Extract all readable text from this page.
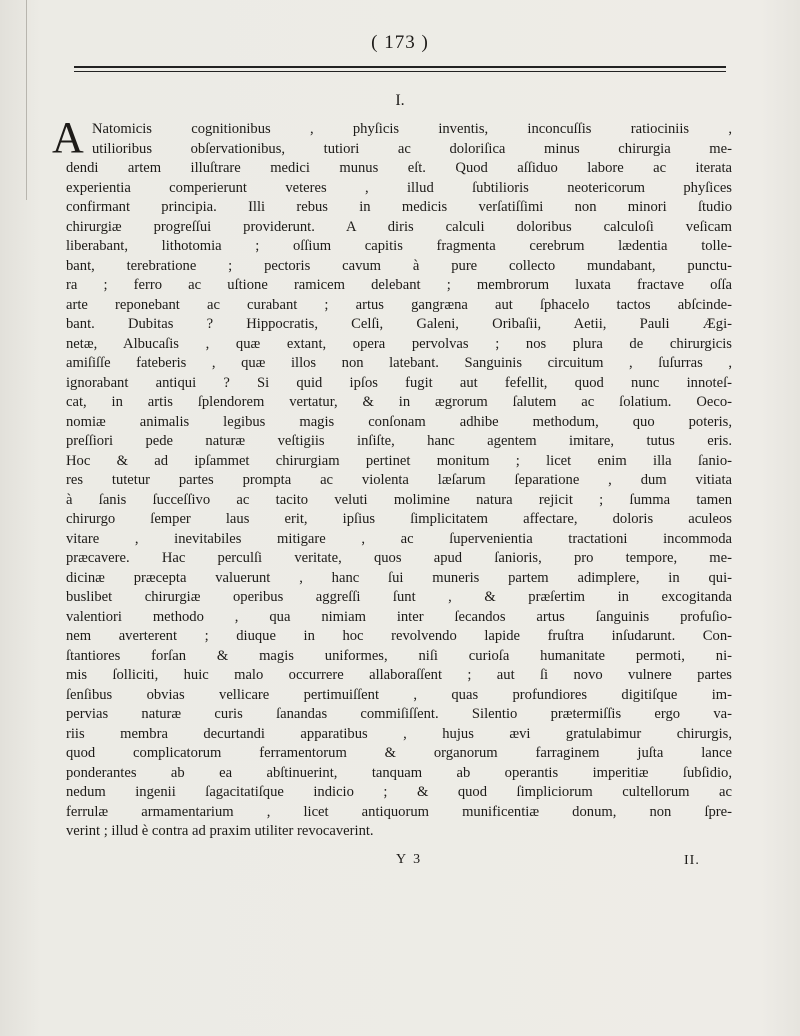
( 173 )
I.
A Natomicis cognitionibus , phyſicis inventis, inconcuſſis ratiociniis ,
utilioribus obſervationibus, tutiori ac doloriſica minus chirurgia me-
dendi artem illuſtrare medici munus eſt. Quod aſſiduo labore ac iterata
experientia comperierunt veteres , illud ſubtilioris neotericorum phyſices
confirmant principia. Illi rebus in medicis verſatiſſimi non minori ſtudio
chirurgiæ progreſſui providerunt. A diris calculi doloribus calculoſi veſicam
liberabant, lithotomia ; oſſium capitis fragmenta cerebrum lædentia tolle-
bant, terebratione ; pectoris cavum à pure collecto mundabant, punctu-
ra ; ferro ac uſtione ramicem delebant ; membrorum luxata fractave oſſa
arte reponebant ac curabant ; artus gangræna aut ſphacelo tactos abſcinde-
bant. Dubitas ? Hippocratis, Celſi, Galeni, Oribaſii, Aetii, Pauli Ægi-
netæ, Albucaſis , quæ extant, opera pervolvas ; nos plura de chirurgicis
amiſiſſe fateberis , quæ illos non latebant. Sanguinis circuitum , ſuſurras ,
ignorabant antiqui ? Si quid ipſos fugit aut fefellit, quod nunc innoteſ-
cat, in artis ſplendorem vertatur, & in ægrorum ſalutem ac ſolatium. Oeco-
nomiæ animalis legibus magis conſonam adhibe methodum, quo poteris,
preſſiori pede naturæ veſtigiis inſiſte, hanc agentem imitare, tutus eris.
Hoc & ad ipſammet chirurgiam pertinet monitum ; licet enim illa ſanio-
res tutetur partes prompta ac violenta læſarum ſeparatione , dum vitiata
à ſanis ſucceſſivo ac tacito veluti molimine natura rejicit ; ſumma tamen
chirurgo ſemper laus erit, ipſius ſimplicitatem affectare, doloris aculeos
vitare , inevitabiles mitigare , ac ſupervenientia tractationi incommoda
præcavere. Hac perculſi veritate, quos apud ſanioris, pro tempore, me-
dicinæ præcepta valuerunt , hanc ſui muneris partem adimplere, in qui-
buslibet chirurgiæ operibus aggreſſi ſunt , & præſertim in excogitanda
valentiori methodo , qua nimiam inter ſecandos artus ſanguinis profuſio-
nem averterent ; diuque in hoc revolvendo lapide fruſtra inſudarunt. Con-
ſtantiores forſan & magis uniformes, niſi curioſa humanitate permoti, ni-
mis ſolliciti, huic malo occurrere allaboraſſent ; aut ſi novo vulnere partes
ſenſibus obvias vellicare pertimuiſſent , quas profundiores digitiſque im-
pervias naturæ curis ſanandas commiſiſſent. Silentio prætermiſſis ergo va-
riis membra decurtandi apparatibus , hujus ævi gratulabimur chirurgis,
quod complicatorum ferramentorum & organorum farraginem juſta lance
ponderantes ab ea abſtinuerint, tanquam ab operantis imperitiæ ſubſidio,
nedum ingenii ſagacitatiſque indicio ; & quod ſimpliciorum cultellorum ac
ferrulæ armamentarium , licet antiquorum munificentiæ donum, non ſpre-
verint ; illud è contra ad praxim utiliter revocaverint.
Y 3	II.
